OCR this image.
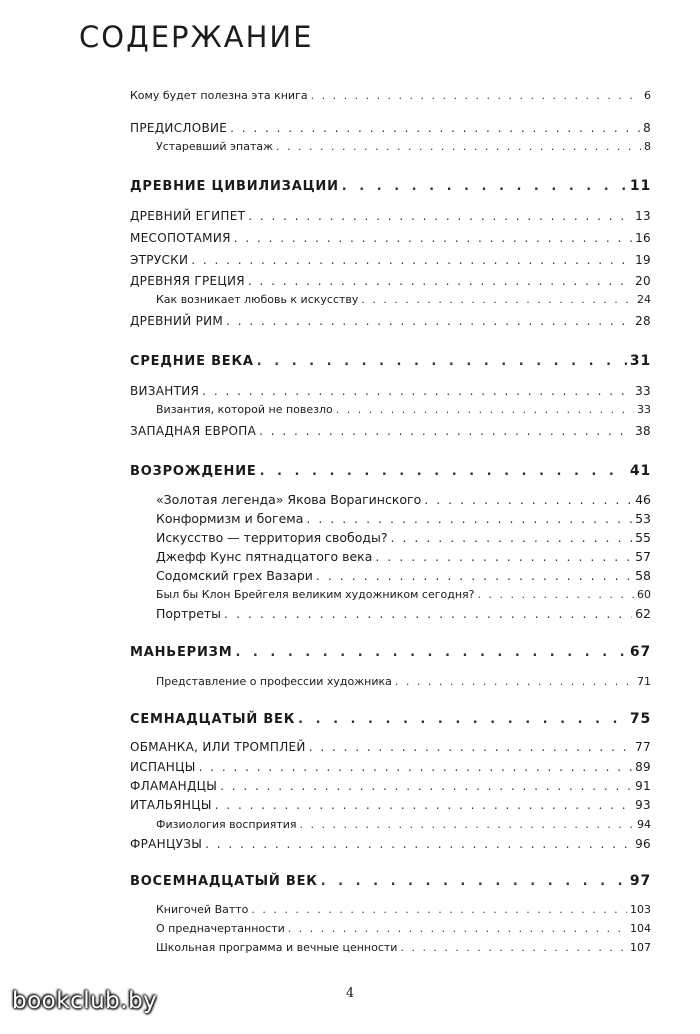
СОДЕРЖАНИЕ
Кому будет полезна эта книга . . .	6
ПРЕДИСЛОВИЕ . . .	8
Устаревший эпатаж . . .	8
ДРЕВНИЕ ЦИВИЛИЗАЦИИ . . .	11
ДРЕВНИЙ ЕГИПЕТ . . .	13
МЕСОПОТАМИЯ . . .	16
ЭТРУСКИ . . .	19
ДРЕВНЯЯ ГРЕЦИЯ . . .	20
Как возникает любовь к искусству . . .	24
ДРЕВНИЙ РИМ . . .	28
СРЕДНИЕ ВЕКА . . .	31
ВИЗАНТИЯ . . .	33
Византия, которой не повезло . . .	33
ЗАПАДНАЯ ЕВРОПА . . .	38
ВОЗРОЖДЕНИЕ . . .	41
«Золотая легенда» Якова Ворагинского . . .	46
Конформизм и богема . . .	53
Искусство — территория свободы? . . .	55
Джефф Кунс пятнадцатого века . . .	57
Содомский грех Вазари . . .	58
Был бы Клон Брейгеля великим художником сегодня? . . .	60
Портреты . . .	62
МАНЬЕРИЗМ . . .	67
Представление о профессии художника . . .	71
СЕМНАДЦАТЫЙ ВЕК . . .	75
ОБМАНКА, ИЛИ ТРОМПЛЕЙ . . .	77
ИСПАНЦЫ . . .	89
ФЛАМАНДЦЫ . . .	91
ИТАЛЬЯНЦЫ . . .	93
Физиология восприятия . . .	94
ФРАНЦУЗЫ . . .	96
ВОСЕМНАДЦАТЫЙ ВЕК . . .	97
Книгочей Ватто . . .	103
О предначертанности . . .	104
Школьная программа и вечные ценности . . .	107
4
bookclub.by
